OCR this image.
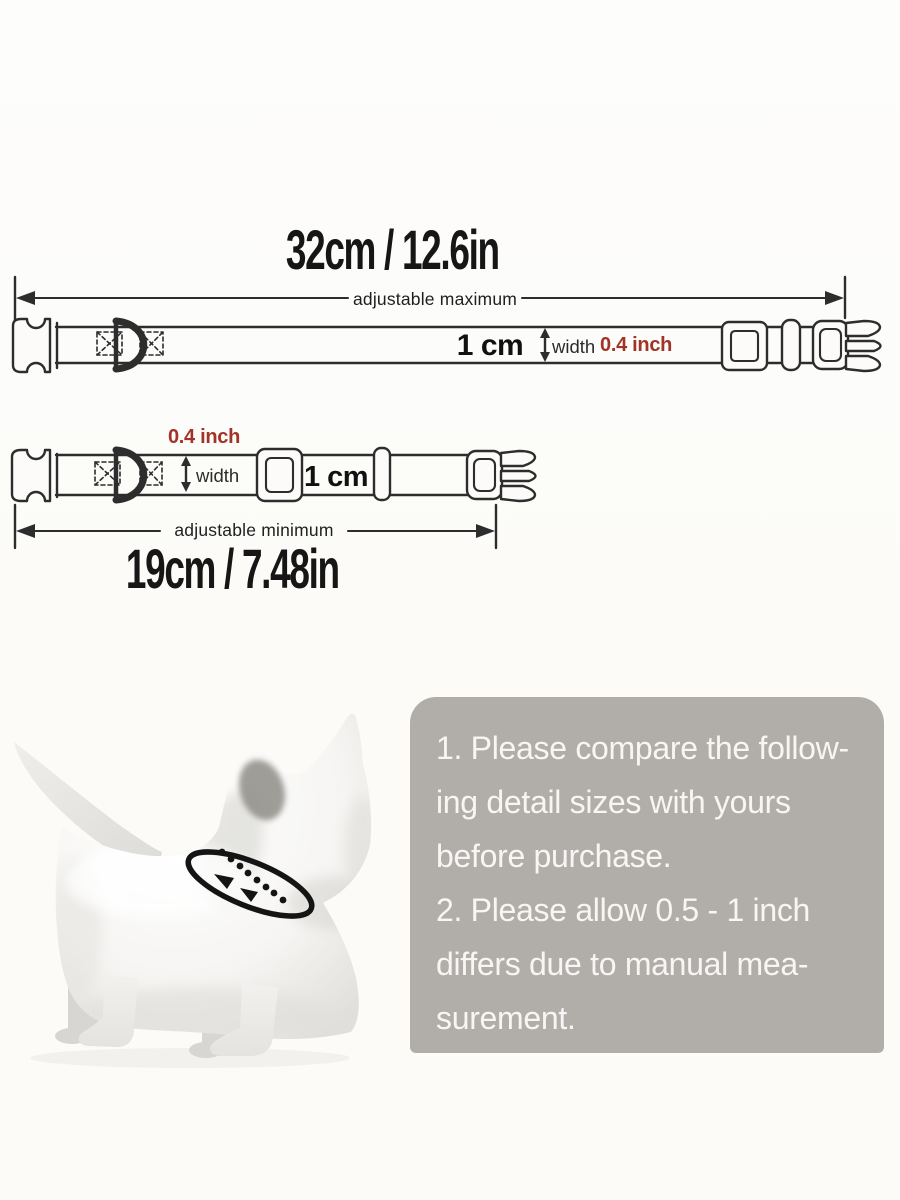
32cm / 12.6in
adjustable maximum
1 cm	width 0.4 inch
0.4 inch
width 1 cm
adjustable minimum
19cm / 7.48in
1. Please compare the follow-
ing detail sizes with yours
before purchase.
2. Please allow 0.5 - 1 inch
differs due to manual mea-
surement.
